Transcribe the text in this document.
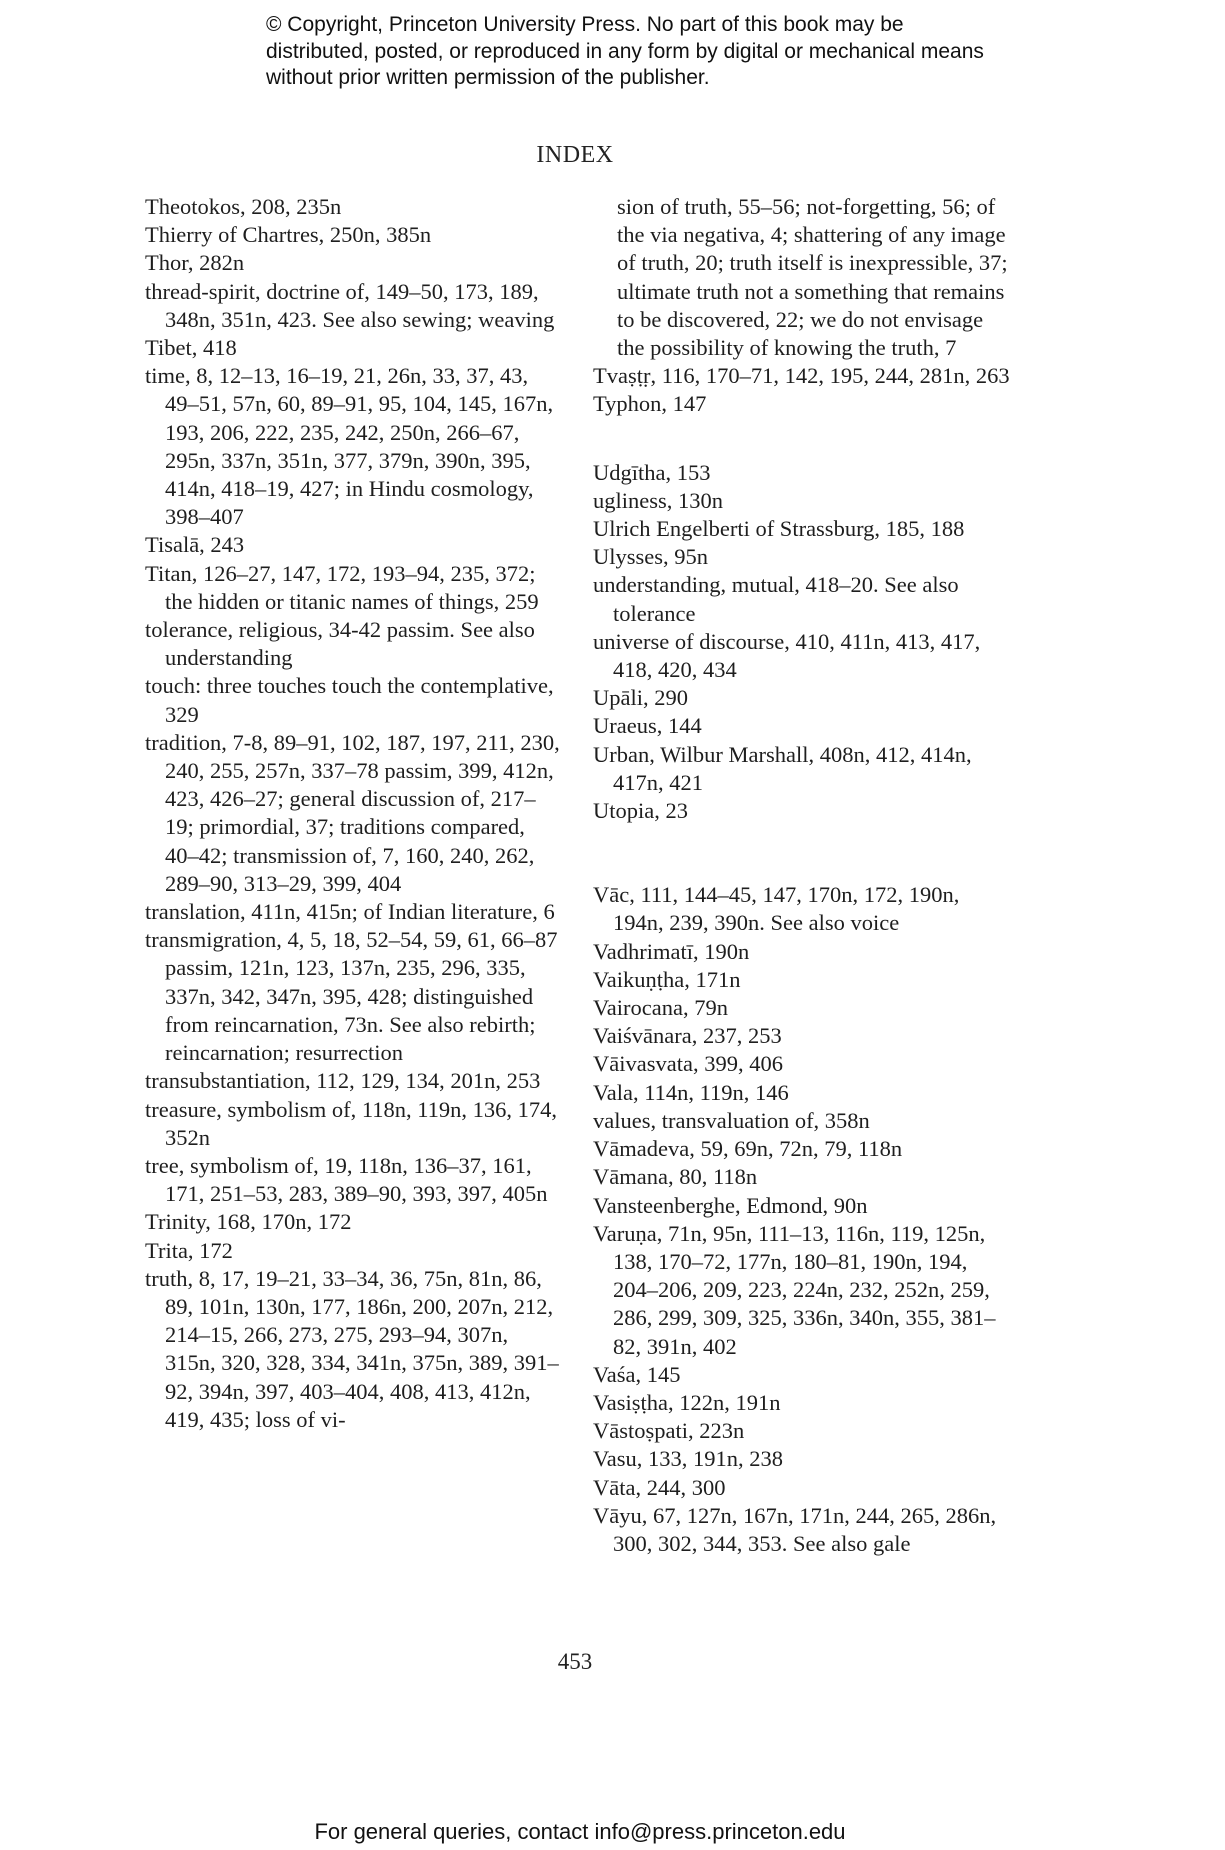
© Copyright, Princeton University Press. No part of this book may be distributed, posted, or reproduced in any form by digital or mechanical means without prior written permission of the publisher.
INDEX
Theotokos, 208, 235n
Thierry of Chartres, 250n, 385n
Thor, 282n
thread-spirit, doctrine of, 149–50, 173, 189, 348n, 351n, 423. See also sewing; weaving
Tibet, 418
time, 8, 12–13, 16–19, 21, 26n, 33, 37, 43, 49–51, 57n, 60, 89–91, 95, 104, 145, 167n, 193, 206, 222, 235, 242, 250n, 266–67, 295n, 337n, 351n, 377, 379n, 390n, 395, 414n, 418–19, 427; in Hindu cosmology, 398–407
Tisalā, 243
Titan, 126–27, 147, 172, 193–94, 235, 372; the hidden or titanic names of things, 259
tolerance, religious, 34-42 passim. See also understanding
touch: three touches touch the contemplative, 329
tradition, 7-8, 89–91, 102, 187, 197, 211, 230, 240, 255, 257n, 337–78 passim, 399, 412n, 423, 426–27; general discussion of, 217–19; primordial, 37; traditions compared, 40–42; transmission of, 7, 160, 240, 262, 289–90, 313–29, 399, 404
translation, 411n, 415n; of Indian literature, 6
transmigration, 4, 5, 18, 52–54, 59, 61, 66–87 passim, 121n, 123, 137n, 235, 296, 335, 337n, 342, 347n, 395, 428; distinguished from reincarnation, 73n. See also rebirth; reincarnation; resurrection
transubstantiation, 112, 129, 134, 201n, 253
treasure, symbolism of, 118n, 119n, 136, 174, 352n
tree, symbolism of, 19, 118n, 136–37, 161, 171, 251–53, 283, 389–90, 393, 397, 405n
Trinity, 168, 170n, 172
Trita, 172
truth, 8, 17, 19–21, 33–34, 36, 75n, 81n, 86, 89, 101n, 130n, 177, 186n, 200, 207n, 212, 214–15, 266, 273, 275, 293–94, 307n, 315n, 320, 328, 334, 341n, 375n, 389, 391–92, 394n, 397, 403–404, 408, 413, 412n, 419, 435; loss of vi-
sion of truth, 55–56; not-forgetting, 56; of the via negativa, 4; shattering of any image of truth, 20; truth itself is inexpressible, 37; ultimate truth not a something that remains to be discovered, 22; we do not envisage the possibility of knowing the truth, 7
Tvaṣṭṛ, 116, 170–71, 142, 195, 244, 281n, 263
Typhon, 147
Udgītha, 153
ugliness, 130n
Ulrich Engelberti of Strassburg, 185, 188
Ulysses, 95n
understanding, mutual, 418–20. See also tolerance
universe of discourse, 410, 411n, 413, 417, 418, 420, 434
Upāli, 290
Uraeus, 144
Urban, Wilbur Marshall, 408n, 412, 414n, 417n, 421
Utopia, 23
Vāc, 111, 144–45, 147, 170n, 172, 190n, 194n, 239, 390n. See also voice
Vadhrimatī, 190n
Vaikuṇṭha, 171n
Vairocana, 79n
Vaiśvānara, 237, 253
Vāivasvata, 399, 406
Vala, 114n, 119n, 146
values, transvaluation of, 358n
Vāmadeva, 59, 69n, 72n, 79, 118n
Vāmana, 80, 118n
Vansteenberghe, Edmond, 90n
Varuṇa, 71n, 95n, 111–13, 116n, 119, 125n, 138, 170–72, 177n, 180–81, 190n, 194, 204–206, 209, 223, 224n, 232, 252n, 259, 286, 299, 309, 325, 336n, 340n, 355, 381–82, 391n, 402
Vaśa, 145
Vasiṣṭha, 122n, 191n
Vāstoṣpati, 223n
Vasu, 133, 191n, 238
Vāta, 244, 300
Vāyu, 67, 127n, 167n, 171n, 244, 265, 286n, 300, 302, 344, 353. See also gale
453
For general queries, contact info@press.princeton.edu
